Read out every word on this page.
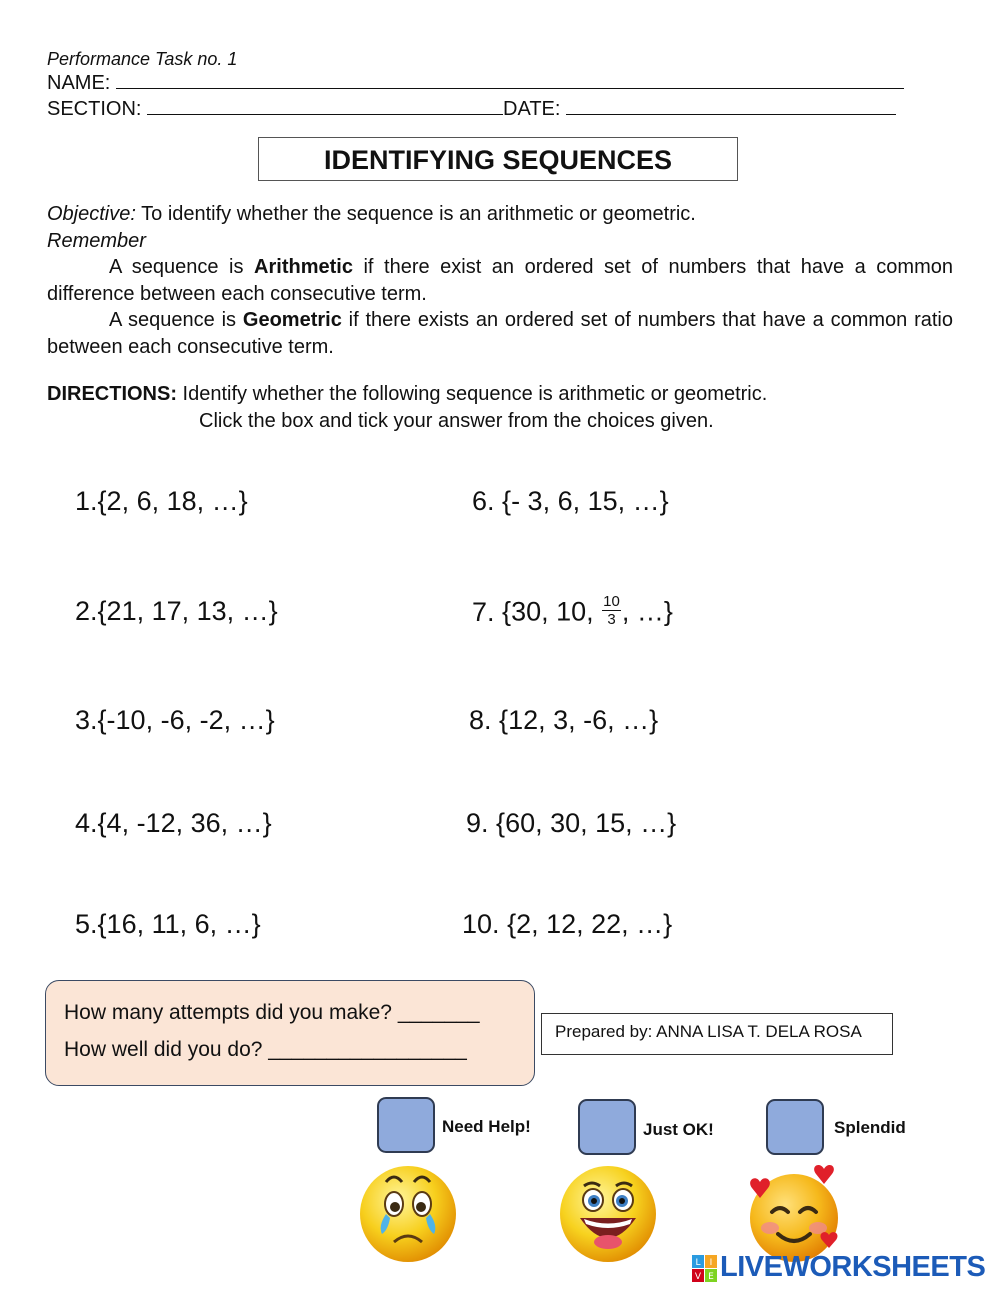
Performance Task no. 1
NAME:
SECTION:	DATE:
IDENTIFYING SEQUENCES
Objective: To identify whether the sequence is an arithmetic or geometric.
Remember
A sequence is Arithmetic if there exist an ordered set of numbers that have a common difference between each consecutive term.
A sequence is Geometric if there exists an ordered set of numbers that have a common ratio between each consecutive term.
DIRECTIONS: Identify whether the following sequence is arithmetic or geometric.
Click the box and tick your answer from the choices given.
1.{2, 6, 18, …}
2.{21, 17, 13, …}
3.{-10, -6, -2, …}
4.{4, -12, 36, …}
5.{16, 11, 6, …}
6. {- 3, 6, 15, …}
7. {30, 10, $\frac{10}{3}$ , …}
8. {12, 3, -6, …}
9. {60, 30, 15, …}
10. {2, 12, 22, …}
How many attempts did you make? _______
How well did you do? _________________
Prepared by: ANNA LISA T. DELA ROSA
Need Help!	Just OK!	Splendid
L I
V E LIVEWORKSHEETS
